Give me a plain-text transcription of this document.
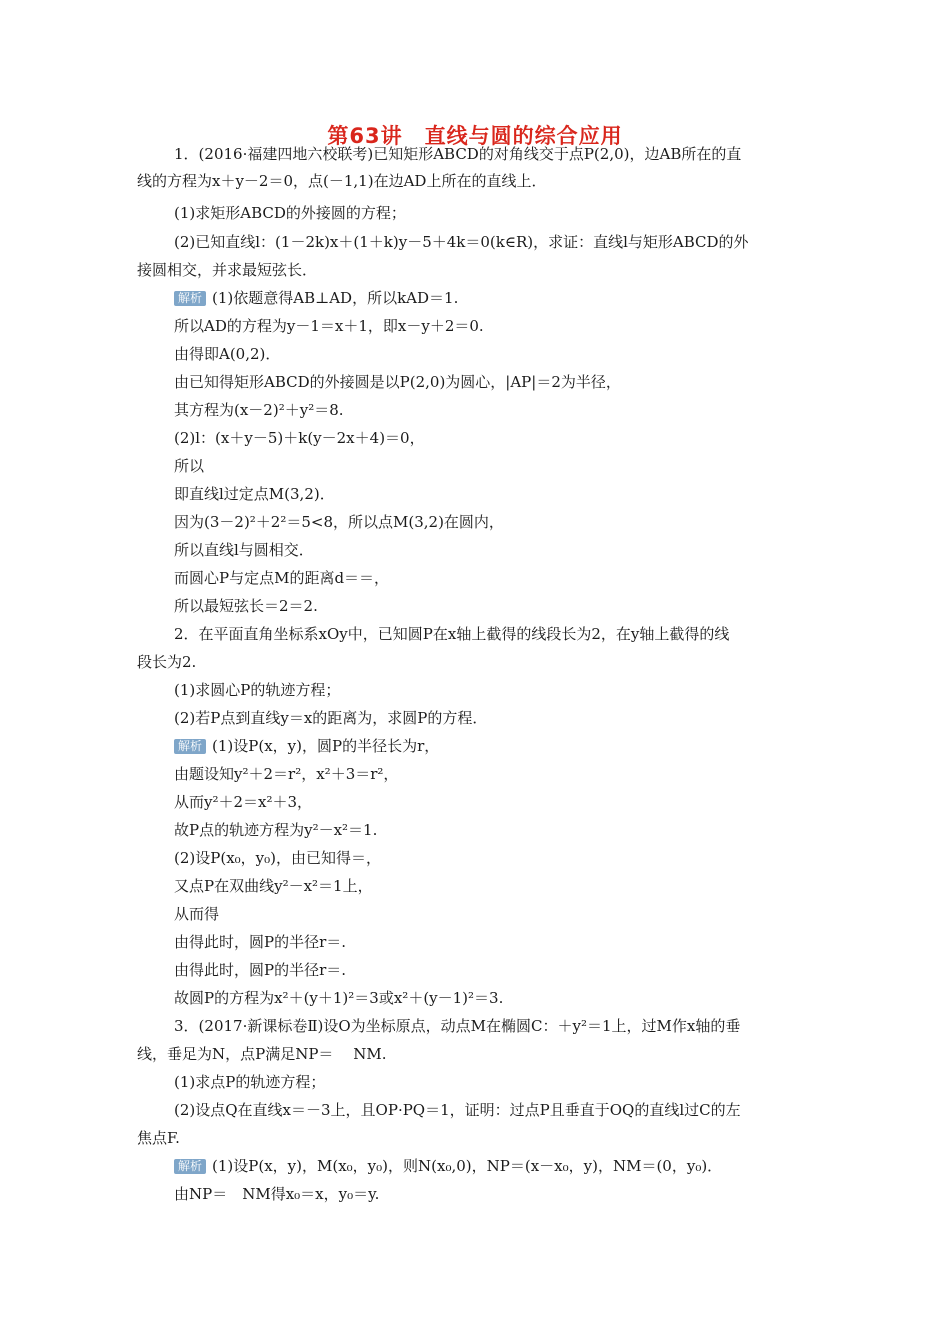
第63讲　直线与圆的综合应用
1．(2016·福建四地六校联考)已知矩形ABCD的对角线交于点P(2,0)，边AB所在的直
线的方程为x＋y－2＝0，点(－1,1)在边AD上所在的直线上．
(1)求矩形ABCD的外接圆的方程；
(2)已知直线l：(1－2k)x＋(1＋k)y－5＋4k＝0(k∈R)，求证：直线l与矩形ABCD的外
接圆相交，并求最短弦长．
解析 (1)依题意得AB⊥AD，所以kAD＝1.
所以AD的方程为y－1＝x＋1，即x－y＋2＝0.
由得即A(0,2)．
由已知得矩形ABCD的外接圆是以P(2,0)为圆心，|AP|＝2为半径，
其方程为(x－2)²＋y²＝8.
(2)l：(x＋y－5)＋k(y－2x＋4)＝0，
所以
即直线l过定点M(3,2)．
因为(3－2)²＋2²＝5<8，所以点M(3,2)在圆内，
所以直线l与圆相交．
而圆心P与定点M的距离d＝＝，
所以最短弦长＝2＝2.
2．在平面直角坐标系xOy中，已知圆P在x轴上截得的线段长为2，在y轴上截得的线
段长为2.
(1)求圆心P的轨迹方程；
(2)若P点到直线y＝x的距离为，求圆P的方程．
解析 (1)设P(x，y)，圆P的半径长为r，
由题设知y²＋2＝r²，x²＋3＝r²，
从而y²＋2＝x²＋3，
故P点的轨迹方程为y²－x²＝1.
(2)设P(x₀，y₀)，由已知得＝，
又点P在双曲线y²－x²＝1上，
从而得
由得此时，圆P的半径r＝.
由得此时，圆P的半径r＝.
故圆P的方程为x²＋(y＋1)²＝3或x²＋(y－1)²＝3.
3．(2017·新课标卷Ⅱ)设O为坐标原点，动点M在椭圆C：＋y²＝1上，过M作x轴的垂
线，垂足为N，点P满足NP＝　 NM.
(1)求点P的轨迹方程；
(2)设点Q在直线x＝－3上，且OP·PQ＝1，证明：过点P且垂直于OQ的直线l过C的左
焦点F.
解析 (1)设P(x，y)，M(x₀，y₀)，则N(x₀,0)，NP＝(x－x₀，y)，NM＝(0，y₀)．
由NP＝　NM得x₀＝x，y₀＝y.
